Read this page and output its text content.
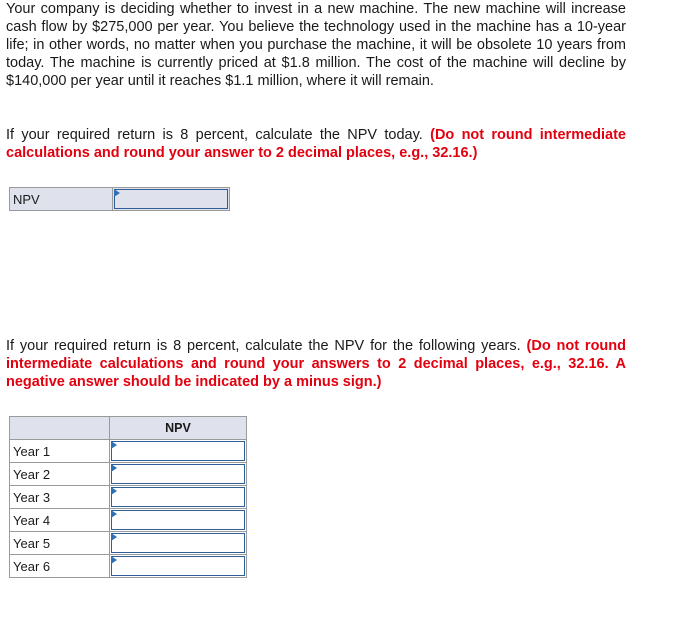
Your company is deciding whether to invest in a new machine. The new machine will increase cash flow by $275,000 per year. You believe the technology used in the machine has a 10-year life; in other words, no matter when you purchase the machine, it will be obsolete 10 years from today. The machine is currently priced at $1.8 million. The cost of the machine will decline by $140,000 per year until it reaches $1.1 million, where it will remain.

If your required return is 8 percent, calculate the NPV today. (Do not round intermediate calculations and round your answer to 2 decimal places, e.g., 32.16.)

NPV	

If your required return is 8 percent, calculate the NPV for the following years. (Do not round intermediate calculations and round your answers to 2 decimal places, e.g., 32.16. A negative answer should be indicated by a minus sign.)

	NPV
Year 1	

Year 2	

Year 3	

Year 4	

Year 5	

Year 6	
